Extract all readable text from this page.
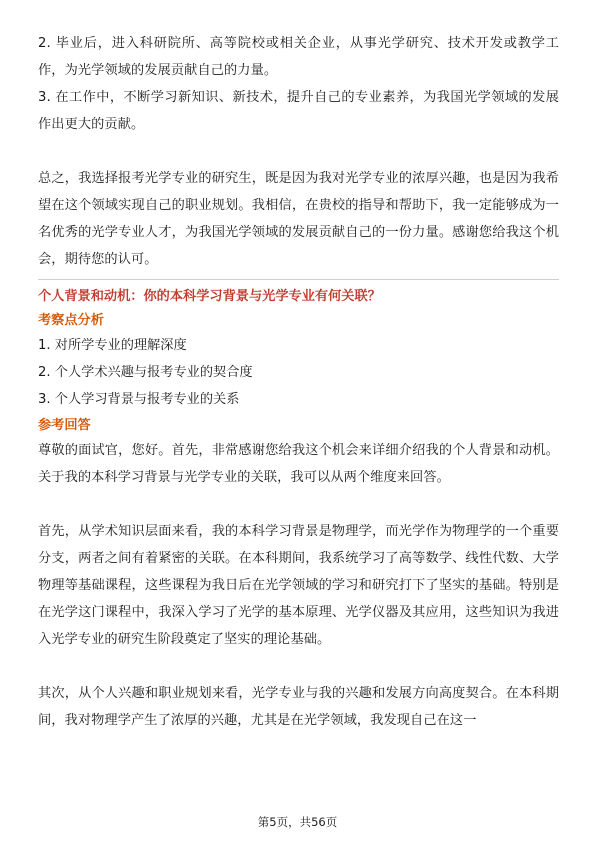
2. 毕业后，进入科研院所、高等院校或相关企业，从事光学研究、技术开发或教学工作，为光学领域的发展贡献自己的力量。

3. 在工作中，不断学习新知识、新技术，提升自己的专业素养，为我国光学领域的发展作出更大的贡献。

总之，我选择报考光学专业的研究生，既是因为我对光学专业的浓厚兴趣，也是因为我希望在这个领域实现自己的职业规划。我相信，在贵校的指导和帮助下，我一定能够成为一名优秀的光学专业人才，为我国光学领域的发展贡献自己的一份力量。感谢您给我这个机会，期待您的认可。

个人背景和动机：你的本科学习背景与光学专业有何关联？

考察点分析

1. 对所学专业的理解深度

2. 个人学术兴趣与报考专业的契合度

3. 个人学习背景与报考专业的关系

参考回答

尊敬的面试官，您好。首先，非常感谢您给我这个机会来详细介绍我的个人背景和动机。关于我的本科学习背景与光学专业的关联，我可以从两个维度来回答。

首先，从学术知识层面来看，我的本科学习背景是物理学，而光学作为物理学的一个重要分支，两者之间有着紧密的关联。在本科期间，我系统学习了高等数学、线性代数、大学物理等基础课程，这些课程为我日后在光学领域的学习和研究打下了坚实的基础。特别是在光学这门课程中，我深入学习了光学的基本原理、光学仪器及其应用，这些知识为我进入光学专业的研究生阶段奠定了坚实的理论基础。

其次，从个人兴趣和职业规划来看，光学专业与我的兴趣和发展方向高度契合。在本科期间，我对物理学产生了浓厚的兴趣，尤其是在光学领域，我发现自己在这一

第5页，共56页
